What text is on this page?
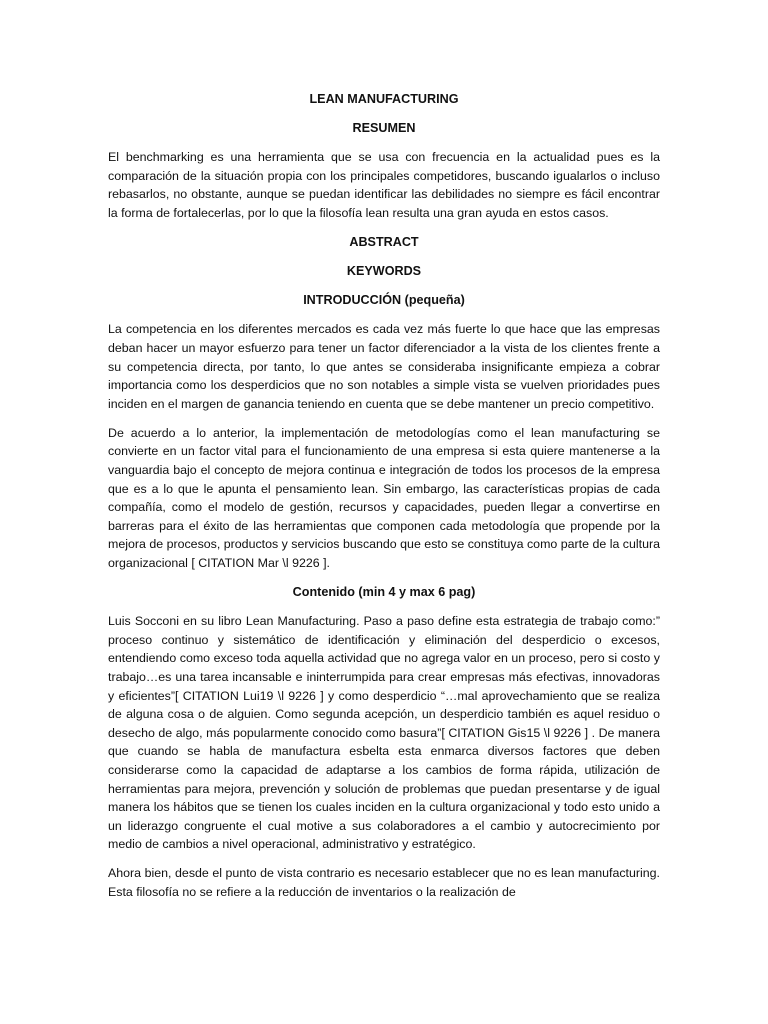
LEAN MANUFACTURING
RESUMEN

El benchmarking es una herramienta que se usa con frecuencia en la actualidad pues es la comparación de la situación propia con los principales competidores, buscando igualarlos o incluso rebasarlos, no obstante, aunque se puedan identificar las debilidades no siempre es fácil encontrar la forma de fortalecerlas, por lo que la filosofía lean resulta una gran ayuda en estos casos.

ABSTRACT
KEYWORDS
INTRODUCCIÓN (pequeña)

La competencia en los diferentes mercados es cada vez más fuerte lo que hace que las empresas deban hacer un mayor esfuerzo para tener un factor diferenciador a la vista de los clientes frente a su competencia directa, por tanto, lo que antes se consideraba insignificante empieza a cobrar importancia como los desperdicios que no son notables a simple vista se vuelven prioridades pues inciden en el margen de ganancia teniendo en cuenta que se debe mantener un precio competitivo.

De acuerdo a lo anterior, la implementación de metodologías como el lean manufacturing se convierte en un factor vital para el funcionamiento de una empresa si esta quiere mantenerse a la vanguardia bajo el concepto de mejora continua e integración de todos los procesos de la empresa que es a lo que le apunta el pensamiento lean. Sin embargo, las características propias de cada compañía, como el modelo de gestión, recursos y capacidades, pueden llegar a convertirse en barreras para el éxito de las herramientas que componen cada metodología que propende por la mejora de procesos, productos y servicios buscando que esto se constituya como parte de la cultura organizacional [ CITATION Mar \l 9226 ].

Contenido (min 4 y max 6 pag)

Luis Socconi en su libro Lean Manufacturing. Paso a paso define esta estrategia de trabajo como:” proceso continuo y sistemático de identificación y eliminación del desperdicio o excesos, entendiendo como exceso toda aquella actividad que no agrega valor en un proceso, pero si costo y trabajo…es una tarea incansable e ininterrumpida para crear empresas más efectivas, innovadoras y eficientes”[ CITATION Lui19 \l 9226 ] y como desperdicio “…mal aprovechamiento que se realiza de alguna cosa o de alguien. Como segunda acepción, un desperdicio también es aquel residuo o desecho de algo, más popularmente conocido como basura”[ CITATION Gis15 \l 9226 ] . De manera que cuando se habla de manufactura esbelta esta enmarca diversos factores que deben considerarse como la capacidad de adaptarse a los cambios de forma rápida, utilización de herramientas para mejora, prevención y solución de problemas que puedan presentarse y de igual manera los hábitos que se tienen los cuales inciden en la cultura organizacional y todo esto unido a un liderazgo congruente el cual motive a sus colaboradores a el cambio y autocrecimiento por medio de cambios a nivel operacional, administrativo y estratégico.

Ahora bien, desde el punto de vista contrario es necesario establecer que no es lean manufacturing. Esta filosofía no se refiere a la reducción de inventarios o la realización de
